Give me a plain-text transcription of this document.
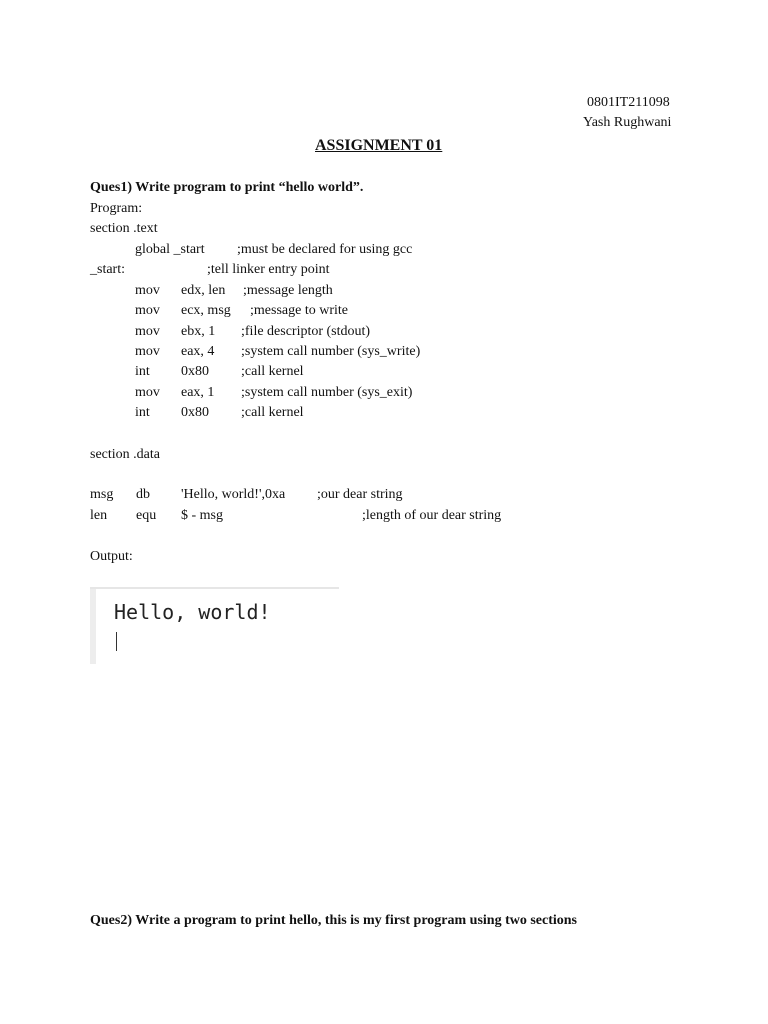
0801IT211098
Yash Rughwani
ASSIGNMENT 01
Ques1) Write program to print “hello world”.
Program:
section .text
global _start ;must be declared for using gcc
_start:	;tell linker entry point
mov edx, len ;message length
mov ecx, msg ;message to write
mov ebx, 1 ;file descriptor (stdout)
mov eax, 4 ;system call number (sys_write)
int 0x80 ;call kernel
mov eax, 1 ;system call number (sys_exit)
int 0x80 ;call kernel
section .data
msg db 'Hello, world!',0xa ;our dear string
len equ $ - msg	;length of our dear string
Output:
Hello, world!
Ques2) Write a program to print hello, this is my first program using two sections
